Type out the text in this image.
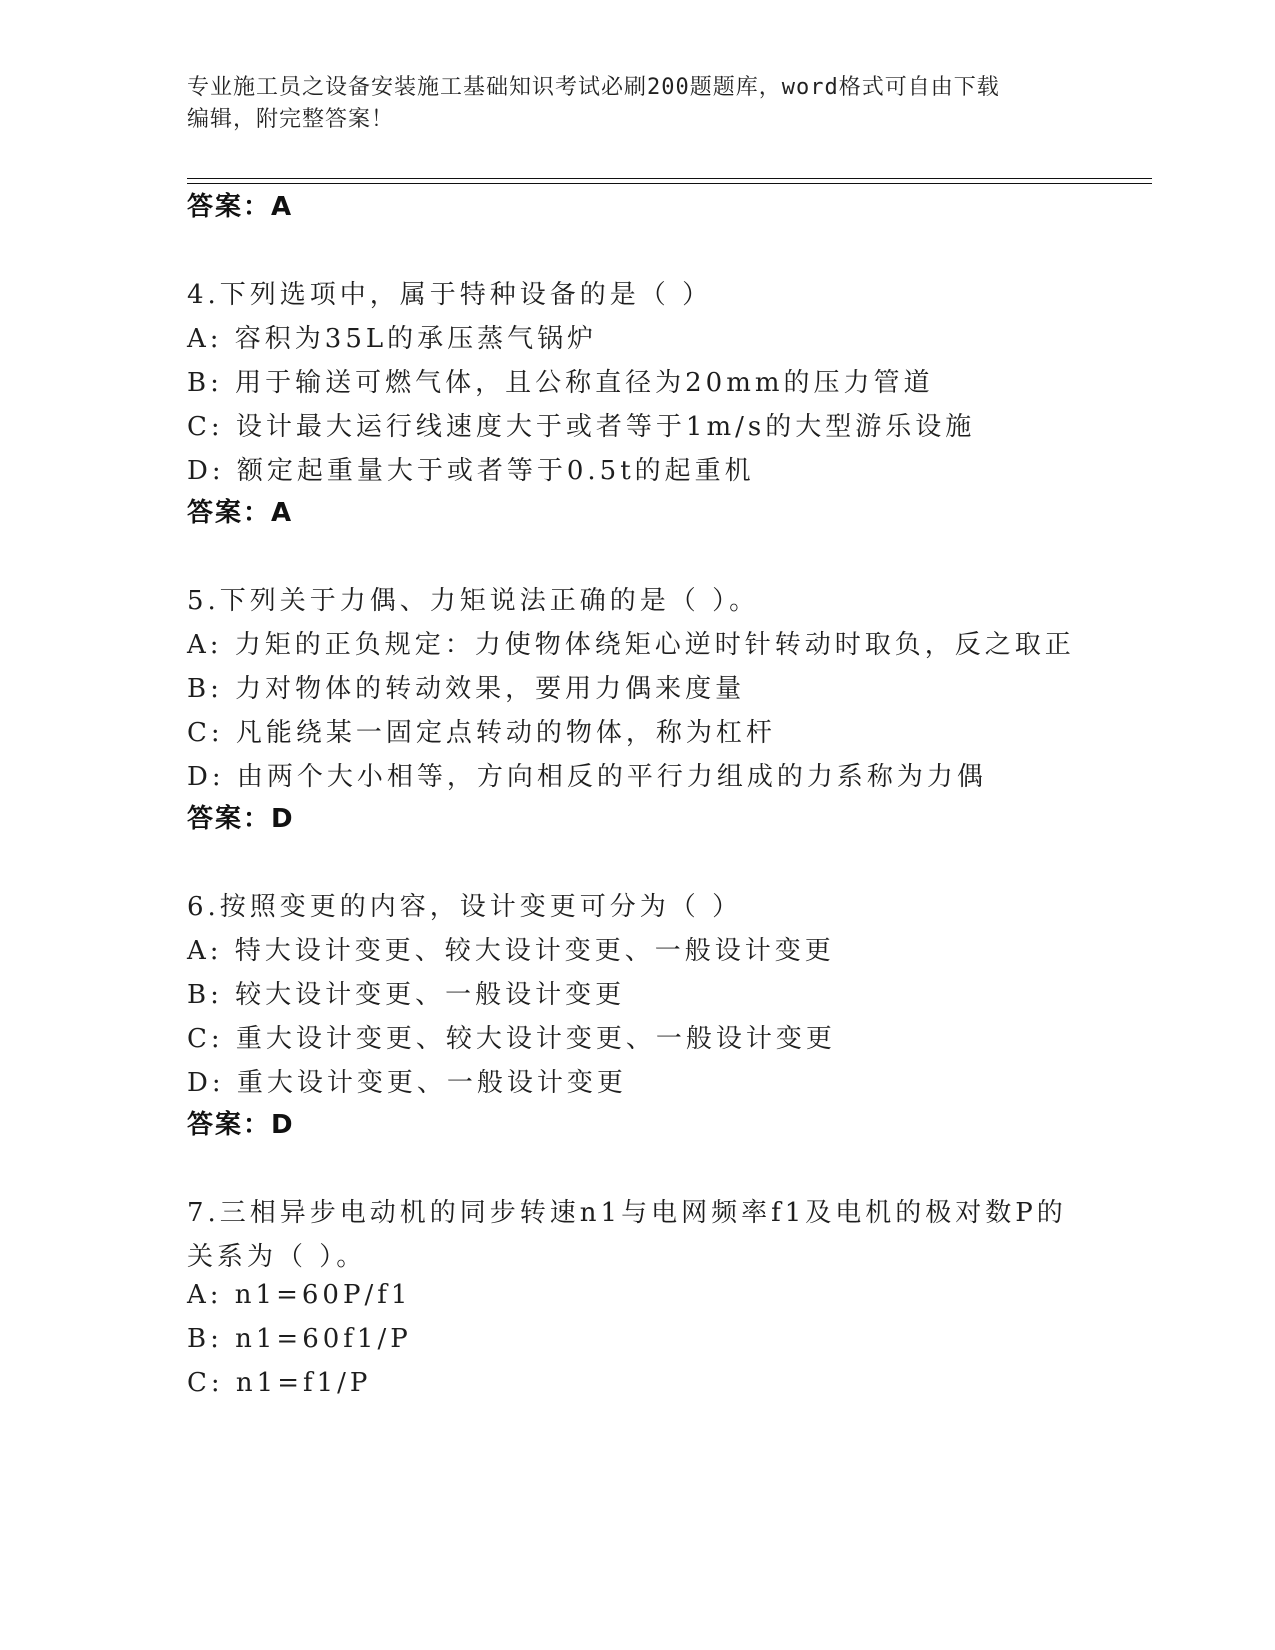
专业施工员之设备安装施工基础知识考试必刷200题题库，word格式可自由下载
编辑，附完整答案！
答案：A
4.下列选项中，属于特种设备的是（ ）
A: 容积为35L的承压蒸气锅炉
B: 用于输送可燃气体，且公称直径为20mm的压力管道
C: 设计最大运行线速度大于或者等于1m/s的大型游乐设施
D: 额定起重量大于或者等于0.5t的起重机
答案：A
5.下列关于力偶、力矩说法正确的是（ ）。
A: 力矩的正负规定：力使物体绕矩心逆时针转动时取负，反之取正
B: 力对物体的转动效果，要用力偶来度量
C: 凡能绕某一固定点转动的物体，称为杠杆
D: 由两个大小相等，方向相反的平行力组成的力系称为力偶
答案：D
6.按照变更的内容，设计变更可分为（ ）
A: 特大设计变更、较大设计变更、一般设计变更
B: 较大设计变更、一般设计变更
C: 重大设计变更、较大设计变更、一般设计变更
D: 重大设计变更、一般设计变更
答案：D
7.三相异步电动机的同步转速n1与电网频率f1及电机的极对数P的
关系为（ ）。
A: n1=60P/f1
B: n1=60f1/P
C: n1=f1/P
